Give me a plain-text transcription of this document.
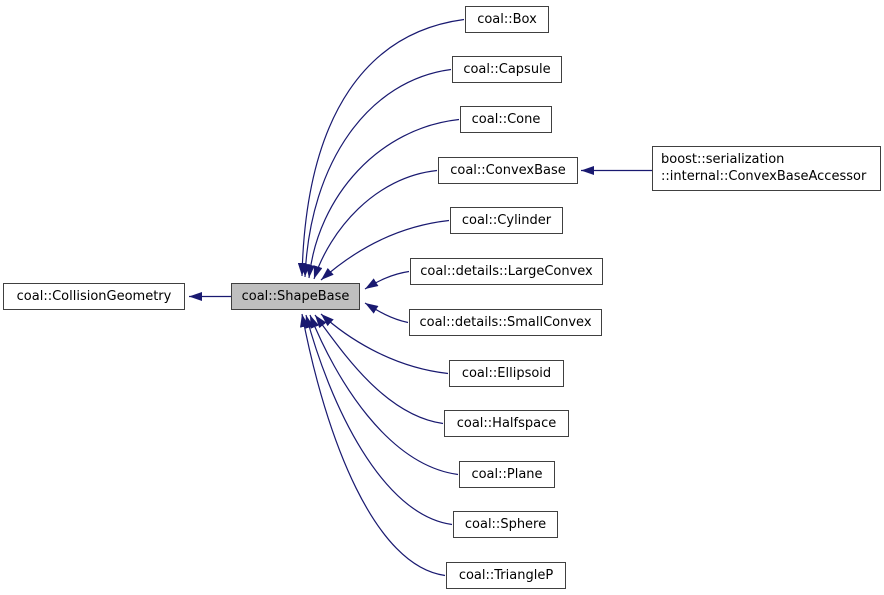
coal::CollisionGeometry	coal::ShapeBase
coal::Box
coal::Capsule
coal::Cone
coal::ConvexBase
boost::serialization
::internal::ConvexBaseAccessor
coal::Cylinder
coal::details::LargeConvex
coal::details::SmallConvex
coal::Ellipsoid
coal::Halfspace
coal::Plane
coal::Sphere
coal::TriangleP
